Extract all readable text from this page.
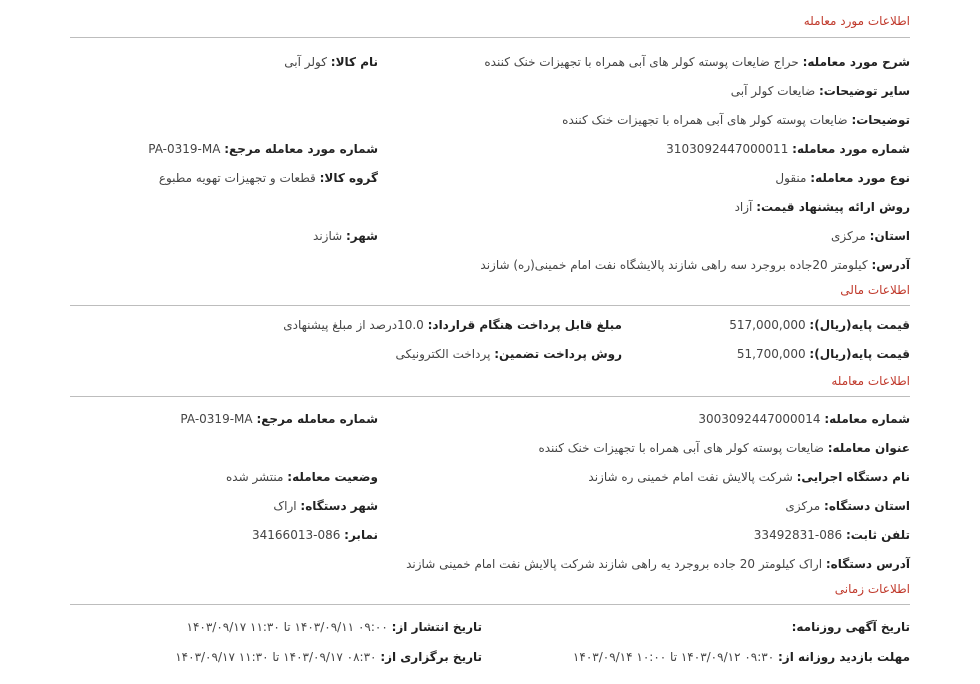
اطلاعات مورد معامله
شرح مورد معامله: حراج ضایعات پوسته کولر های آبی همراه با تجهیزات خنک کننده
نام کالا: کولر آبی
سایر توضیحات: ضایعات کولر آبی
توضیحات: ضایعات پوسته کولر های آبی همراه با تجهیزات خنک کننده
شماره مورد معامله: 3103092447000011
شماره مورد معامله مرجع: PA-0319-MA
نوع مورد معامله: منقول
گروه کالا: قطعات و تجهیزات تهویه مطبوع
روش ارائه پیشنهاد قیمت: آزاد
استان: مرکزی
شهر: شازند
آدرس: کیلومتر 20جاده بروجرد سه راهی شازند پالایشگاه نفت امام خمینی(ره) شازند
اطلاعات مالی
قیمت پایه(ریال): 517,000,000
مبلغ قابل پرداخت هنگام قرارداد: 10.0درصد از مبلغ پیشنهادی
قیمت پایه(ریال): 51,700,000
روش پرداخت تضمین: پرداخت الکترونیکی
اطلاعات معامله
شماره معامله: 3003092447000014
شماره معامله مرجع: PA-0319-MA
عنوان معامله: ضایعات پوسته کولر های آبی همراه با تجهیزات خنک کننده
نام دستگاه اجرایی: شرکت پالایش نفت امام خمینی ره شازند
وضعیت معامله: منتشر شده
استان دستگاه: مرکزی
شهر دستگاه: اراک
تلفن ثابت: 086-33492831
نمابر: 086-34166013
آدرس دستگاه: اراک کیلومتر 20 جاده بروجرد یه راهی شازند شرکت پالایش نفت امام خمینی شازند
اطلاعات زمانی
تاریخ آگهی روزنامه:
تاریخ انتشار از: ۰۹:۰۰ ۱۴۰۳/۰۹/۱۱ تا ۱۱:۳۰ ۱۴۰۳/۰۹/۱۷
مهلت بازدید روزانه از: ۰۹:۳۰ ۱۴۰۳/۰۹/۱۲ تا ۱۰:۰۰ ۱۴۰۳/۰۹/۱۴
تاریخ برگزاری از: ۰۸:۳۰ ۱۴۰۳/۰۹/۱۷ تا ۱۱:۳۰ ۱۴۰۳/۰۹/۱۷
